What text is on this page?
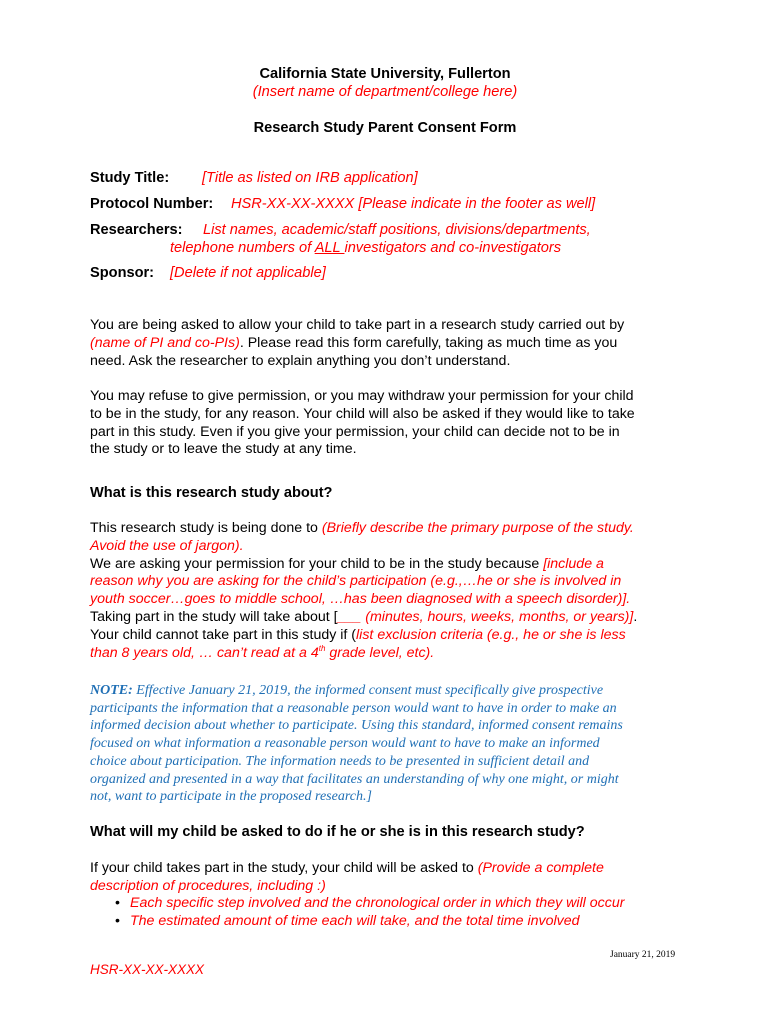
California State University, Fullerton
(Insert name of department/college here)
Research Study Parent Consent Form
Study Title: [Title as listed on IRB application]
Protocol Number: HSR-XX-XX-XXXX [Please indicate in the footer as well]
Researchers: List names, academic/staff positions, divisions/departments,
telephone numbers of ALL investigators and co-investigators
Sponsor: [Delete if not applicable]
You are being asked to allow your child to take part in a research study carried out by
(name of PI and co-PIs). Please read this form carefully, taking as much time as you
need. Ask the researcher to explain anything you don’t understand.
You may refuse to give permission, or you may withdraw your permission for your child
to be in the study, for any reason. Your child will also be asked if they would like to take
part in this study. Even if you give your permission, your child can decide not to be in
the study or to leave the study at any time.
What is this research study about?
This research study is being done to (Briefly describe the primary purpose of the study.
Avoid the use of jargon).
We are asking your permission for your child to be in the study because [include a
reason why you are asking for the child’s participation (e.g.,…he or she is involved in
youth soccer…goes to middle school, …has been diagnosed with a speech disorder)].
Taking part in the study will take about [___ (minutes, hours, weeks, months, or years)].
Your child cannot take part in this study if (list exclusion criteria (e.g., he or she is less
than 8 years old, … can’t read at a 4th grade level, etc).
NOTE: Effective January 21, 2019, the informed consent must specifically give prospective
participants the information that a reasonable person would want to have in order to make an
informed decision about whether to participate. Using this standard, informed consent remains
focused on what information a reasonable person would want to have to make an informed
choice about participation. The information needs to be presented in sufficient detail and
organized and presented in a way that facilitates an understanding of why one might, or might
not, want to participate in the proposed research.]
What will my child be asked to do if he or she is in this research study?
If your child takes part in the study, your child will be asked to (Provide a complete
description of procedures, including :)
• Each specific step involved and the chronological order in which they will occur
• The estimated amount of time each will take, and the total time involved
January 21, 2019
HSR-XX-XX-XXXX
